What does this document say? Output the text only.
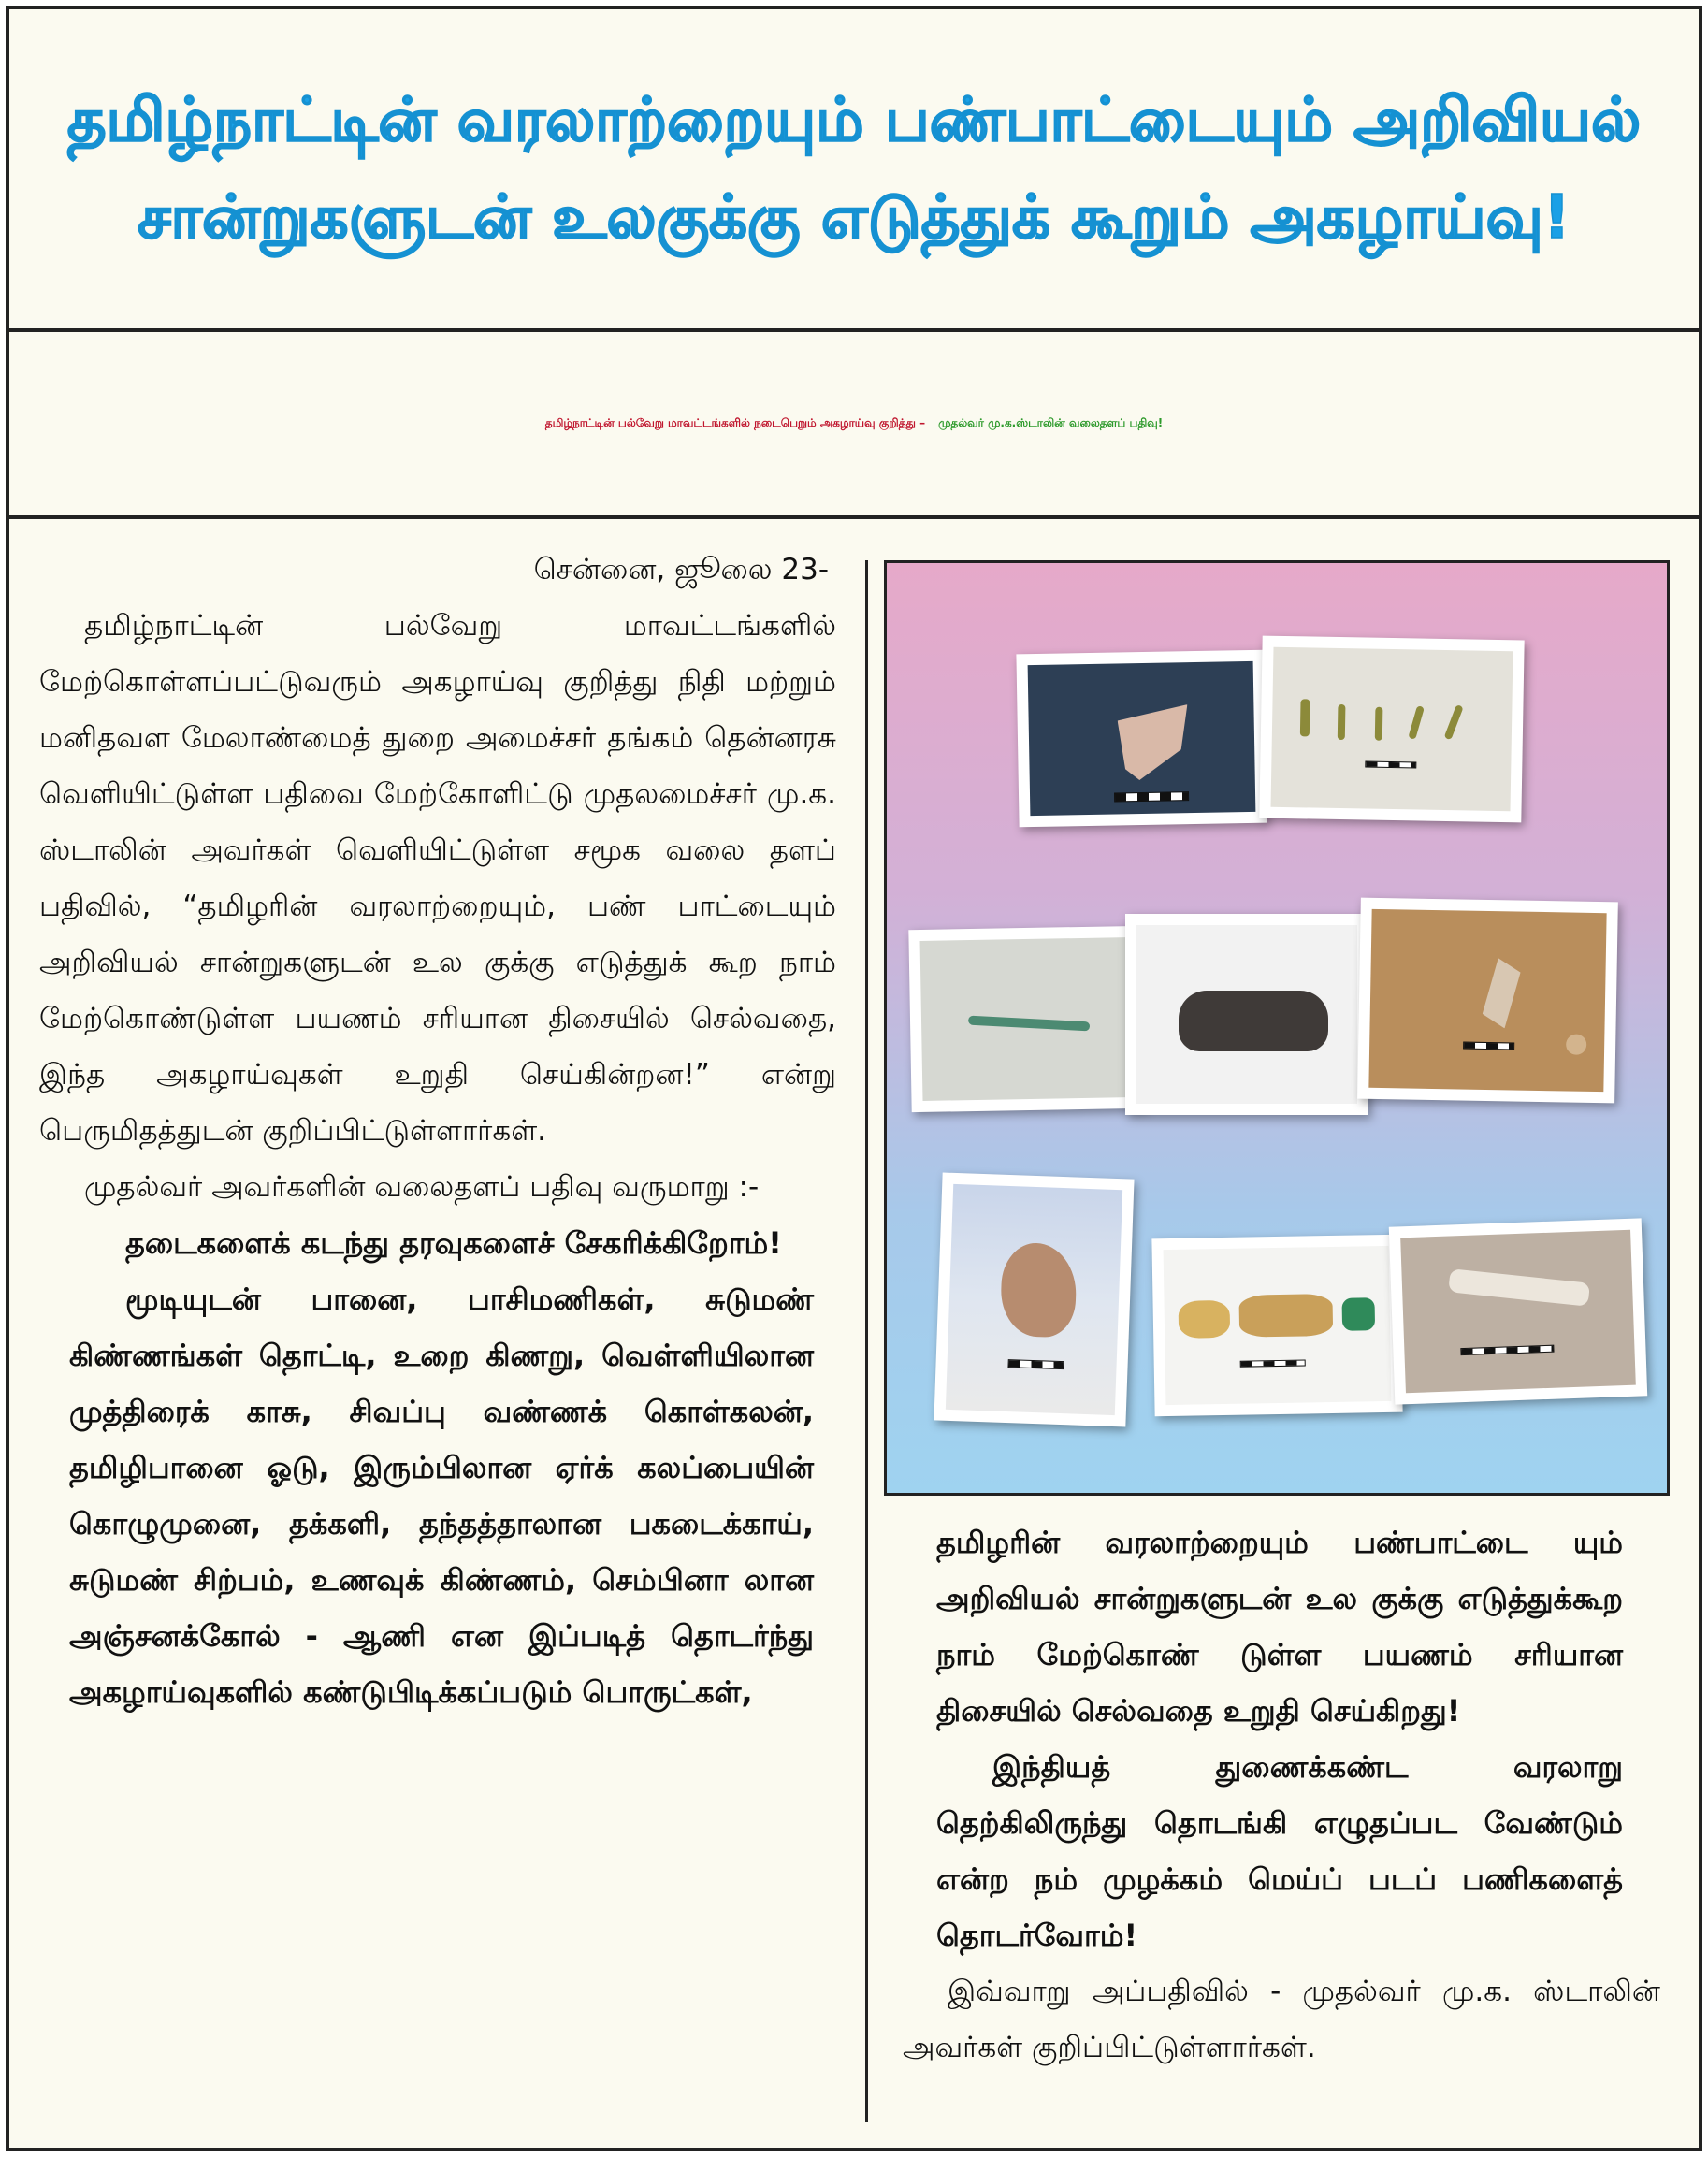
தமிழ்நாட்டின் வரலாற்றையும் பண்பாட்டையும் அறிவியல்
சான்றுகளுடன் உலகுக்கு எடுத்துக் கூறும் அகழாய்வு!
தமிழ்நாட்டின் பல்வேறு மாவட்டங்களில் நடைபெறும் அகழாய்வு குறித்து – முதல்வர் மு.க.ஸ்டாலின் வலைதளப் பதிவு!
சென்னை, ஜூலை 23-
தமிழ்நாட்டின் பல்வேறு மாவட்டங்களில் மேற்கொள்ளப்பட்டுவரும் அகழாய்வு குறித்து நிதி மற்றும் மனிதவள மேலாண்மைத் துறை அமைச்சர் தங்கம் தென்னரசு வெளியிட்டுள்ள பதிவை மேற்கோளிட்டு முதலமைச்சர் மு.க. ஸ்டாலின் அவர்கள் வெளியிட்டுள்ள சமூக வலை தளப் பதிவில், “தமிழரின் வரலாற்றையும், பண் பாட்டையும் அறிவியல் சான்றுகளுடன் உல குக்கு எடுத்துக் கூற நாம் மேற்கொண்டுள்ள பயணம் சரியான திசையில் செல்வதை, இந்த அகழாய்வுகள் உறுதி செய்கின்றன!” என்று பெருமிதத்துடன் குறிப்பிட்டுள்ளார்கள்.
முதல்வர் அவர்களின் வலைதளப் பதிவு வருமாறு :-
தடைகளைக் கடந்து தரவுகளைச் சேகரிக்கிறோம்!
மூடியுடன் பானை, பாசிமணிகள், சுடுமண் கிண்ணங்கள் தொட்டி, உறை கிணறு, வெள்ளியிலான முத்திரைக் காசு, சிவப்பு வண்ணக் கொள்கலன், தமிழிபானை ஓடு, இரும்பிலான ஏர்க் கலப்பையின் கொழுமுனை, தக்களி, தந்தத்தாலான பகடைக்காய், சுடுமண் சிற்பம், உணவுக் கிண்ணம், செம்பினா லான அஞ்சனக்கோல் - ஆணி என இப்படித் தொடர்ந்து அகழாய்வுகளில் கண்டுபிடிக்கப்படும் பொருட்கள்,
தமிழரின் வரலாற்றையும் பண்பாட்டை யும் அறிவியல் சான்றுகளுடன் உல குக்கு எடுத்துக்கூற நாம் மேற்கொண் டுள்ள பயணம் சரியான திசையில் செல்வதை உறுதி செய்கிறது!
இந்தியத் துணைக்கண்ட வரலாறு தெற்கிலிருந்து தொடங்கி எழுதப்பட வேண்டும் என்ற நம் முழக்கம் மெய்ப் படப் பணிகளைத் தொடர்வோம்!
இவ்வாறு அப்பதிவில் - முதல்வர் மு.க. ஸ்டாலின் அவர்கள் குறிப்பிட்டுள்ளார்கள்.
